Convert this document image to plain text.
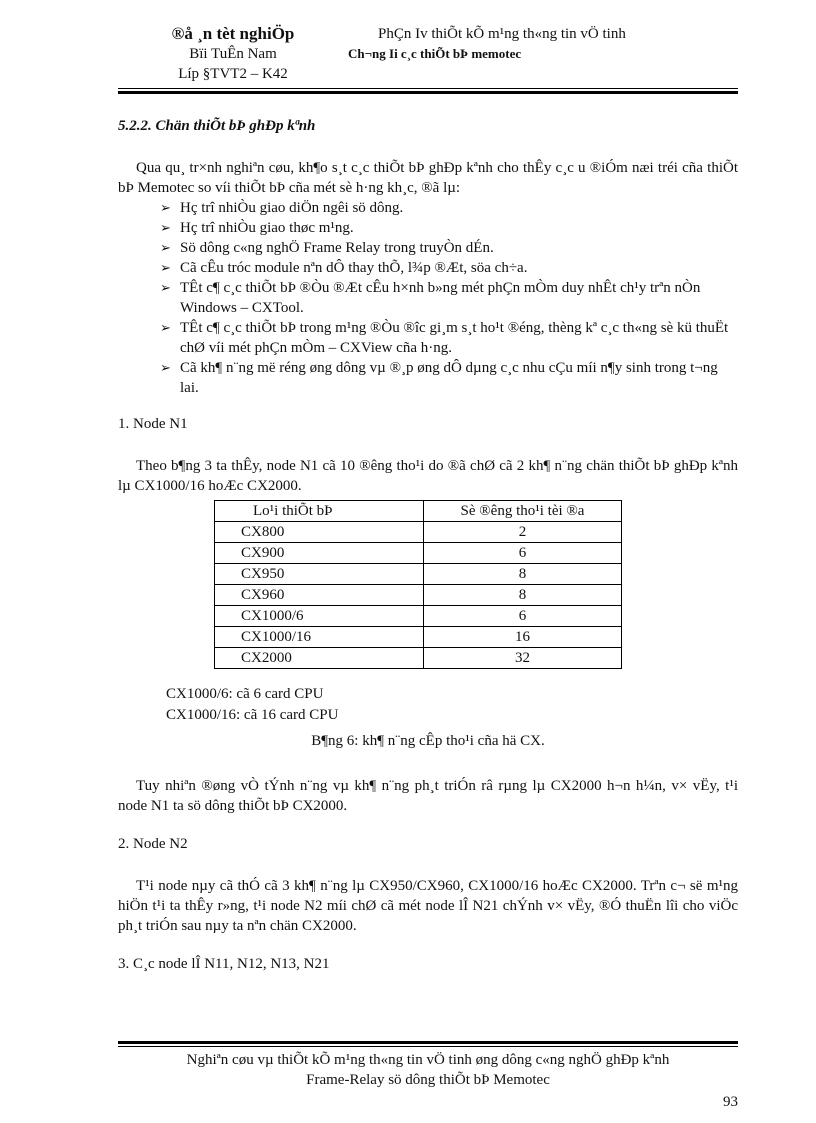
®å ¸n tèt nghiÖp
Bïi TuÊn Nam
Líp §TVT2 – K42
PhÇn Iv thiÕt kÕ m¹ng th«ng tin vÖ tinh
Ch¬ng Ii c¸c thiÕt bÞ memotec
5.2.2. Chän thiÕt bÞ ghÐp kªnh
Qua qu¸ tr×nh nghiªn cøu, kh¶o s¸t c¸c thiÕt bÞ ghÐp kªnh cho thÊy c¸c u ®iÓm næi tréi cña thiÕt bÞ Memotec so víi thiÕt bÞ cña mét sè h·ng kh¸c, ®ã lµ:
➢ Hç trî nhiÒu giao diÖn ngêi sö dông.
➢ Hç trî nhiÒu giao thøc m¹ng.
➢ Sö dông c«ng nghÖ Frame Relay trong truyÒn dÉn.
➢ Cã cÊu tróc module nªn dÔ thay thÕ, l¾p ®Æt, söa ch÷a.
➢ TÊt c¶ c¸c thiÕt bÞ ®Òu ®Æt cÊu h×nh b»ng mét phÇn mÒm duy nhÊt ch¹y trªn nÒn Windows – CXTool.
➢ TÊt c¶ c¸c thiÕt bÞ trong m¹ng ®Òu ®îc gi¸m s¸t ho¹t ®éng, thèng kª c¸c th«ng sè kü thuËt chØ víi mét phÇn mÒm – CXView cña h·ng.
➢ Cã kh¶ n¨ng më réng øng dông vµ ®¸p øng dÔ dµng c¸c nhu cÇu míi n¶y sinh trong t¬ng lai.
1. Node N1
Theo b¶ng 3 ta thÊy, node N1 cã 10 ®êng tho¹i do ®ã chØ cã 2 kh¶ n¨ng chän thiÕt bÞ ghÐp kªnh lµ CX1000/16 hoÆc CX2000.
Lo¹i thiÕt bÞ	Sè ®êng tho¹i tèi ®a
CX800	2
CX900	6
CX950	8
CX960	8
CX1000/6	6
CX1000/16	16
CX2000	32
CX1000/6: cã 6 card CPU
CX1000/16: cã 16 card CPU
B¶ng 6: kh¶ n¨ng cÊp tho¹i cña hä CX.
Tuy nhiªn ®øng vÒ tÝnh n¨ng vµ kh¶ n¨ng ph¸t triÓn râ rµng lµ CX2000 h¬n h¼n, v× vËy, t¹i node N1 ta sö dông thiÕt bÞ CX2000.
2. Node N2
T¹i node nµy cã thÓ cã 3 kh¶ n¨ng lµ CX950/CX960, CX1000/16 hoÆc CX2000. Trªn c¬ së m¹ng hiÖn t¹i ta thÊy r»ng, t¹i node N2 míi chØ cã mét node lÎ N21 chÝnh v× vËy, ®Ó thuËn lîi cho viÖc ph¸t triÓn sau nµy ta nªn chän CX2000.
3. C¸c node lÎ N11, N12, N13, N21
Nghiªn cøu vµ thiÕt kÕ m¹ng th«ng tin vÖ tinh øng dông c«ng nghÖ ghÐp kªnh
Frame-Relay sö dông thiÕt bÞ Memotec
93
